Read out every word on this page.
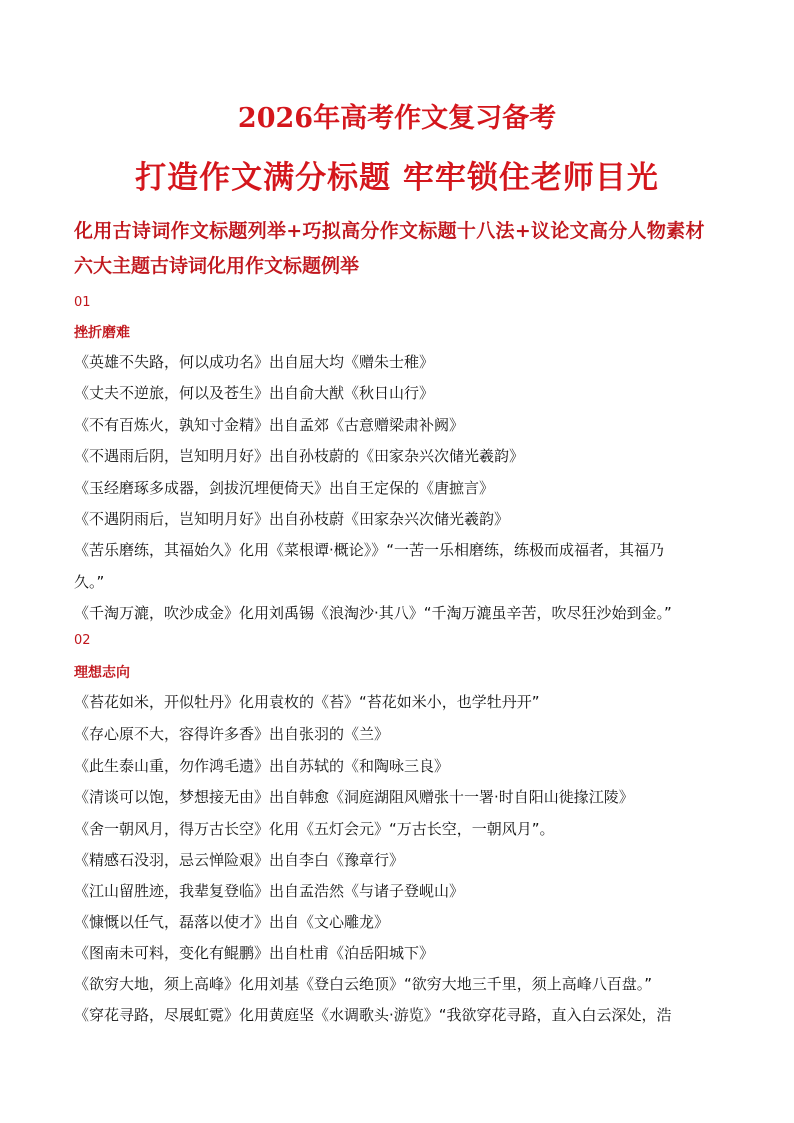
2026年高考作文复习备考
打造作文满分标题 牢牢锁住老师目光
化用古诗词作文标题列举+巧拟高分作文标题十八法+议论文高分人物素材
六大主题古诗词化用作文标题例举
01
挫折磨难
《英雄不失路，何以成功名》出自屈大均《赠朱士稚》
《丈夫不逆旅，何以及苍生》出自俞大猷《秋日山行》
《不有百炼火，孰知寸金精》出自孟郊《古意赠梁肃补阙》
《不遇雨后阴，岂知明月好》出自孙枝蔚的《田家杂兴次储光羲韵》
《玉经磨琢多成器，剑拔沉埋便倚天》出自王定保的《唐摭言》
《不遇阴雨后，岂知明月好》出自孙枝蔚《田家杂兴次储光羲韵》
《苦乐磨练，其福始久》化用《菜根谭·概论》》“一苦一乐相磨练，练极而成福者，其福乃
久。”
《千淘万漉，吹沙成金》化用刘禹锡《浪淘沙·其八》“千淘万漉虽辛苦，吹尽狂沙始到金。”
02
理想志向
《苔花如米，开似牡丹》化用袁枚的《苔》“苔花如米小，也学牡丹开”
《存心原不大，容得许多香》出自张羽的《兰》
《此生泰山重，勿作鸿毛遗》出自苏轼的《和陶咏三良》
《清谈可以饱，梦想接无由》出自韩愈《洞庭湖阻风赠张十一署·时自阳山徙掾江陵》
《舍一朝风月，得万古长空》化用《五灯会元》“万古长空，一朝风月”。
《精感石没羽，忌云惮险艰》出自李白《豫章行》
《江山留胜迹，我辈复登临》出自孟浩然《与诸子登岘山》
《慷慨以任气，磊落以使才》出自《文心雕龙》
《图南未可料，变化有鲲鹏》出自杜甫《泊岳阳城下》
《欲穷大地，须上高峰》化用刘基《登白云绝顶》“欲穷大地三千里，须上高峰八百盘。”
《穿花寻路，尽展虹霓》化用黄庭坚《水调歌头·游览》“我欲穿花寻路，直入白云深处，浩
